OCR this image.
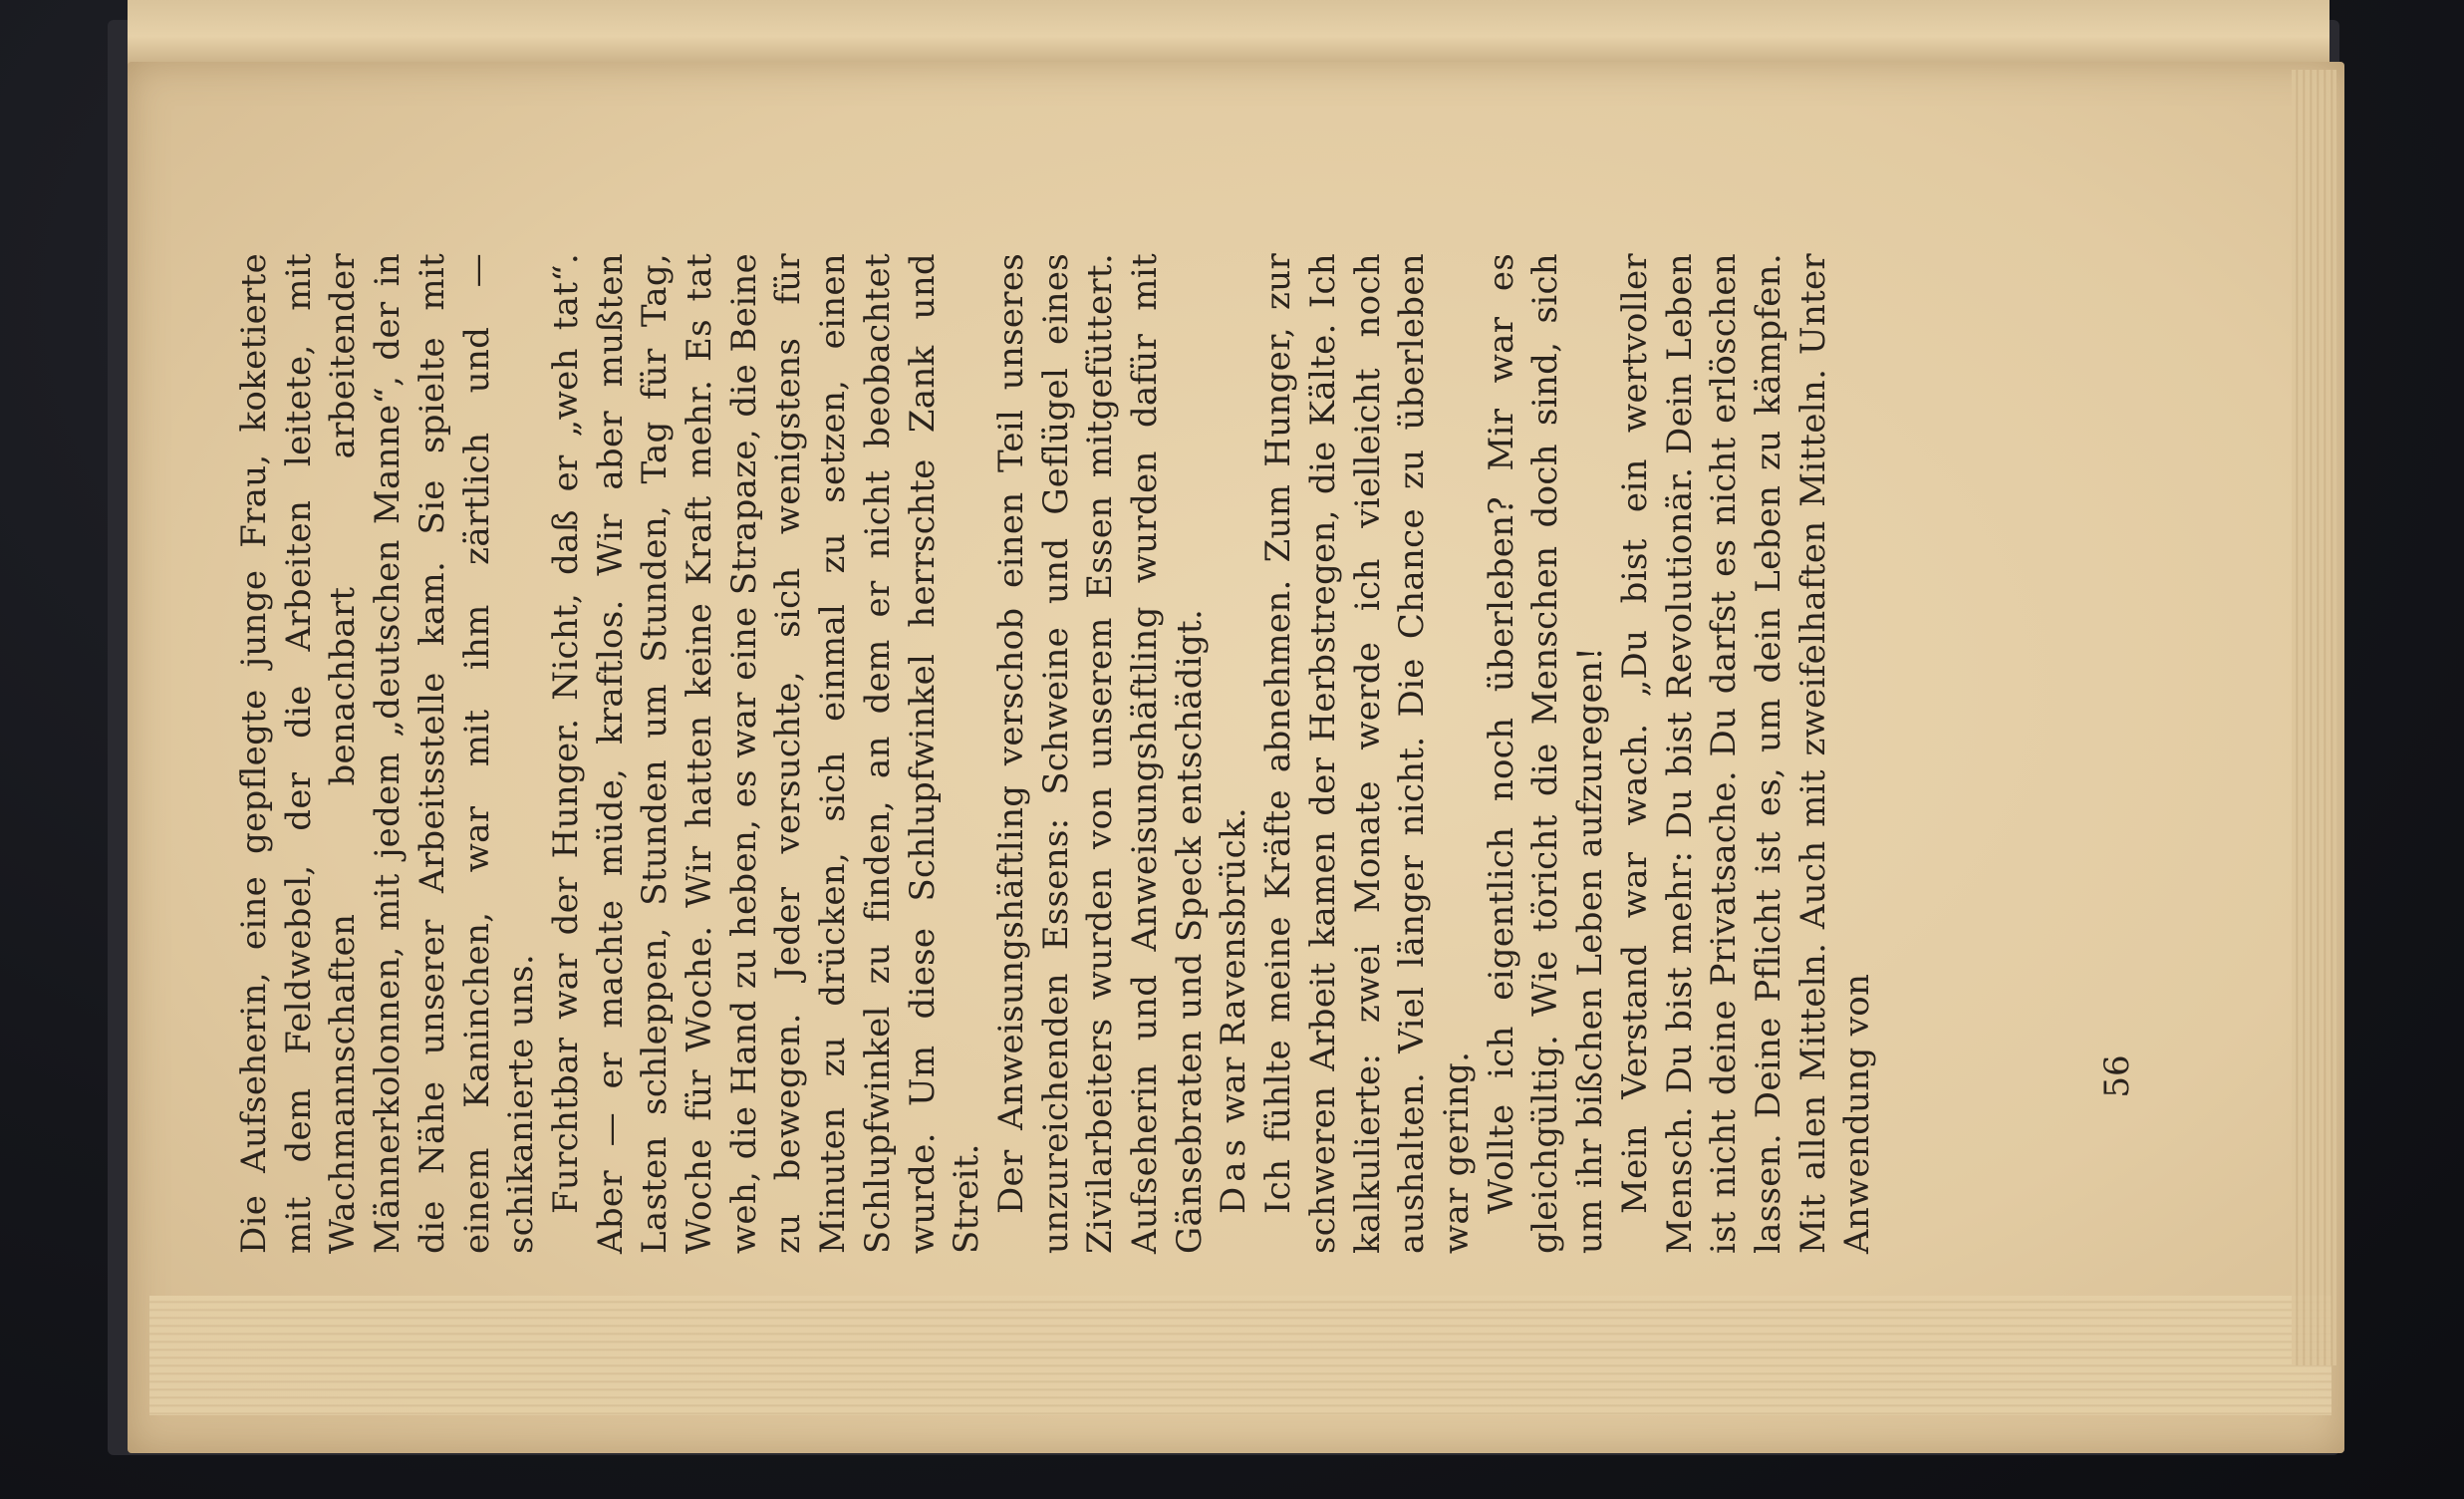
Die Aufseherin, eine gepflegte junge Frau, koketierte mit dem Feldwebel, der die Arbeiten leitete, mit Wachmannschaften benachbart arbeitender Männerkolonnen, mit jedem „deutschen Manne“, der in die Nähe unserer Arbeitsstelle kam. Sie spielte mit einem Kaninchen, war mit ihm zärtlich und — schikanierte uns. Furchtbar war der Hunger. Nicht, daß er „weh tat“. Aber — er machte müde, kraftlos. Wir aber mußten Lasten schleppen, Stunden um Stunden, Tag für Tag, Woche für Woche. Wir hatten keine Kraft mehr. Es tat weh, die Hand zu heben, es war eine Strapaze, die Beine zu bewegen. Jeder versuchte, sich wenigstens für Minuten zu drücken, sich einmal zu setzen, einen Schlupfwinkel zu finden, an dem er nicht beobachtet wurde. Um diese Schlupfwinkel herrschte Zank und Streit. Der Anweisungshäftling verschob einen Teil unseres unzureichenden Essens: Schweine und Geflügel eines Zivilarbeiters wurden von unserem Essen mitgefüttert. Aufseherin und Anweisungshäftling wurden dafür mit Gänsebraten und Speck entschädigt. Das war Ravensbrück. Ich fühlte meine Kräfte abnehmen. Zum Hunger, zur schweren Arbeit kamen der Herbstregen, die Kälte. Ich kalkulierte: zwei Monate werde ich vielleicht noch aushalten. Viel länger nicht. Die Chance zu überleben war gering. Wollte ich eigentlich noch überleben? Mir war es gleichgültig. Wie töricht die Menschen doch sind, sich um ihr bißchen Leben aufzuregen! Mein Verstand war wach. „Du bist ein wertvoller Mensch. Du bist mehr: Du bist Revolutionär. Dein Leben ist nicht deine Privatsache. Du darfst es nicht erlöschen lassen. Deine Pflicht ist es, um dein Leben zu kämpfen. Mit allen Mitteln. Auch mit zweifelhaften Mitteln. Unter Anwendung von	56
